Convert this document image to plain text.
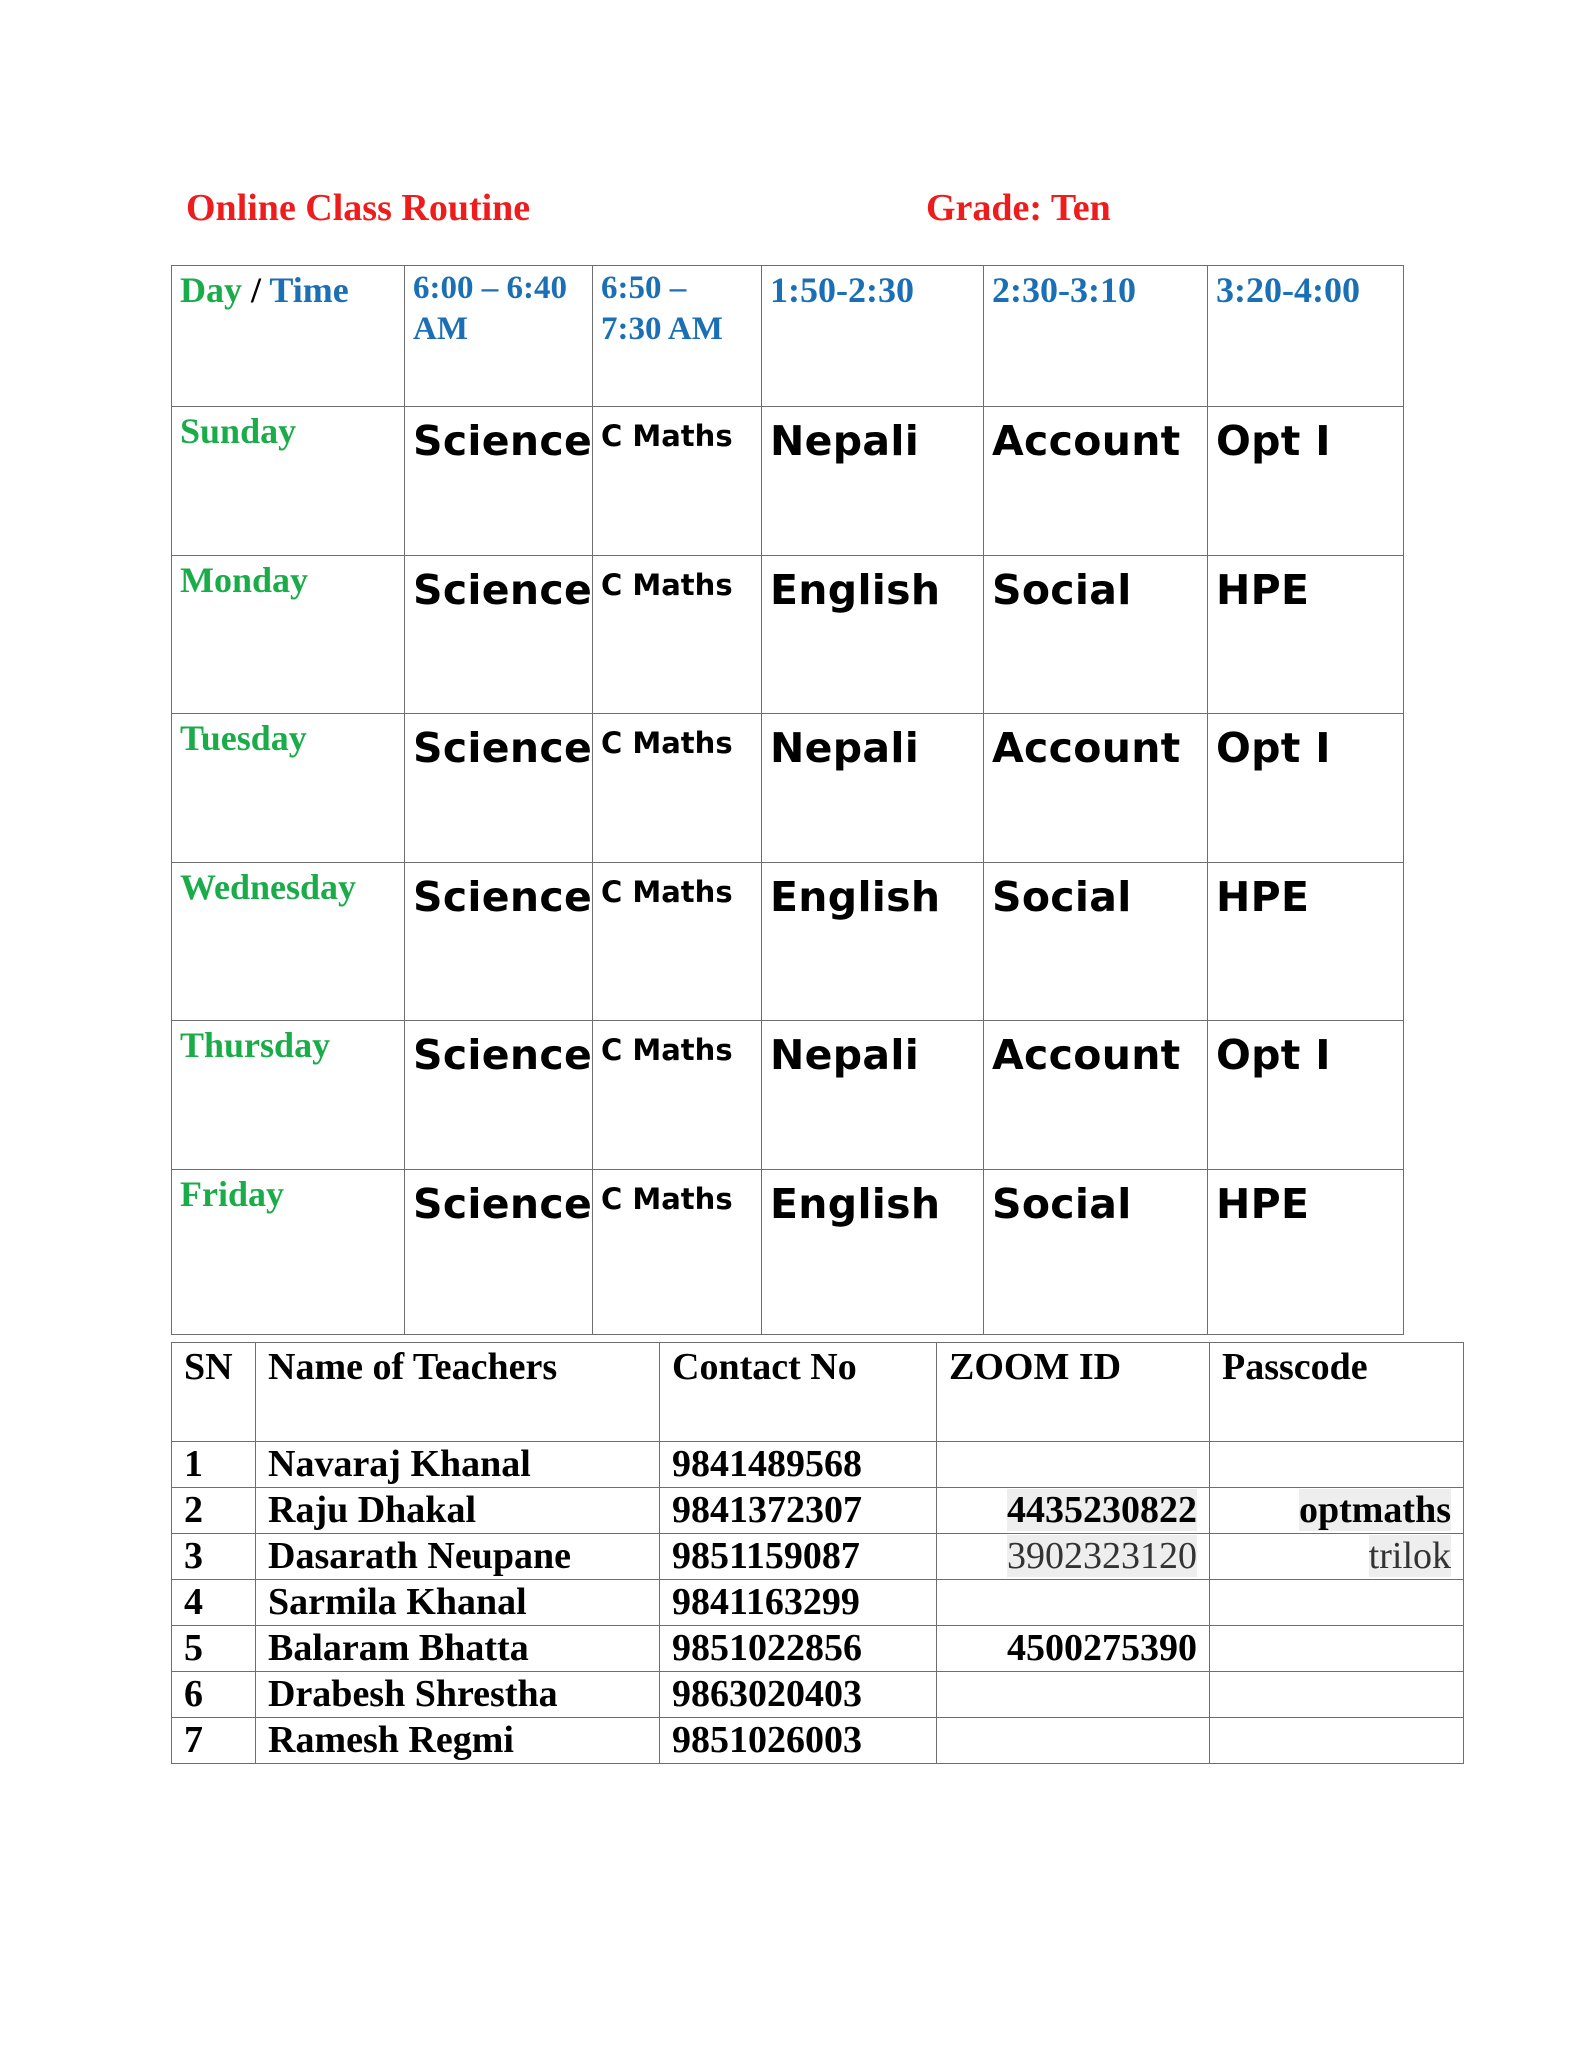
Online Class Routine	Grade: Ten
Day / Time	6:00 – 6:40 AM	6:50 – 7:30 AM	1:50-2:30	2:30-3:10	3:20-4:00
Sunday	Science	C Maths	Nepali	Account	Opt I
Monday	Science	C Maths	English	Social	HPE
Tuesday	Science	C Maths	Nepali	Account	Opt I
Wednesday	Science	C Maths	English	Social	HPE
Thursday	Science	C Maths	Nepali	Account	Opt I
Friday	Science	C Maths	English	Social	HPE
SN	Name of Teachers	Contact No	ZOOM ID	Passcode
1	Navaraj Khanal	9841489568		
2	Raju Dhakal	9841372307	4435230822	optmaths
3	Dasarath Neupane	9851159087	3902323120	trilok
4	Sarmila Khanal	9841163299		
5	Balaram Bhatta	9851022856	4500275390	
6	Drabesh Shrestha	9863020403		
7	Ramesh Regmi	9851026003		
